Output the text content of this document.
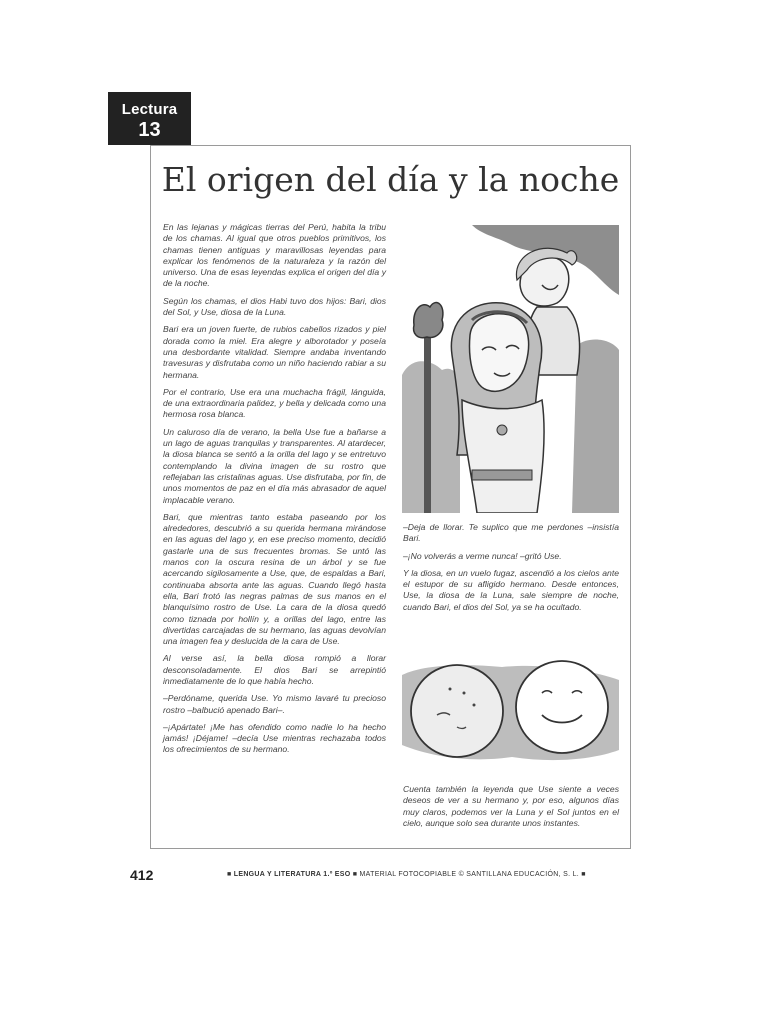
Lectura
13
El origen del día y la noche

En las lejanas y mágicas tierras del Perú, habita la tribu de los chamas. Al igual que otros pueblos primitivos, los chamas tienen antiguas y maravillosas leyendas para explicar los fenómenos de la naturaleza y la razón del universo. Una de esas leyendas explica el origen del día y de la noche.

Según los chamas, el dios Habi tuvo dos hijos: Bari, dios del Sol, y Use, diosa de la Luna.

Bari era un joven fuerte, de rubios cabellos rizados y piel dorada como la miel. Era alegre y alborotador y poseía una desbordante vitalidad. Siempre andaba inventando travesuras y disfrutaba como un niño haciendo rabiar a su hermana.

Por el contrario, Use era una muchacha frágil, lánguida, de una extraordinaria palidez, y bella y delicada como una hermosa rosa blanca.

Un caluroso día de verano, la bella Use fue a bañarse a un lago de aguas tranquilas y transparentes. Al atardecer, la diosa blanca se sentó a la orilla del lago y se entretuvo contemplando la divina imagen de su rostro que reflejaban las cristalinas aguas. Use disfrutaba, por fin, de unos momentos de paz en el día más abrasador de aquel implacable verano.

Bari, que mientras tanto estaba paseando por los alrededores, descubrió a su querida hermana mirándose en las aguas del lago y, en ese preciso momento, decidió gastarle una de sus frecuentes bromas. Se untó las manos con la oscura resina de un árbol y se fue acercando sigilosamente a Use, que, de espaldas a Bari, continuaba absorta ante las aguas. Cuando llegó hasta ella, Bari frotó las negras palmas de sus manos en el blanquísimo rostro de Use. La cara de la diosa quedó como tiznada por hollín y, a orillas del lago, entre las divertidas carcajadas de su hermano, las aguas devolvían una imagen fea y deslucida de la cara de Use.

Al verse así, la bella diosa rompió a llorar desconsoladamente. El dios Bari se arrepintió inmediatamente de lo que había hecho.

–Perdóname, querida Use. Yo mismo lavaré tu precioso rostro –balbució apenado Bari–.

–¡Apártate! ¡Me has ofendido como nadie lo ha hecho jamás! ¡Déjame! –decía Use mientras rechazaba todos los ofrecimientos de su hermano.

–Deja de llorar. Te suplico que me perdones –insistía Bari.

–¡No volverás a verme nunca! –gritó Use.

Y la diosa, en un vuelo fugaz, ascendió a los cielos ante el estupor de su afligido hermano. Desde entonces, Use, la diosa de la Luna, sale siempre de noche, cuando Bari, el dios del Sol, ya se ha ocultado.

Cuenta también la leyenda que Use siente a veces deseos de ver a su hermano y, por eso, algunos días muy claros, podemos ver la Luna y el Sol juntos en el cielo, aunque solo sea durante unos instantes.

412	■ LENGUA Y LITERATURA 1.º ESO ■ MATERIAL FOTOCOPIABLE © SANTILLANA EDUCACIÓN, S. L. ■
